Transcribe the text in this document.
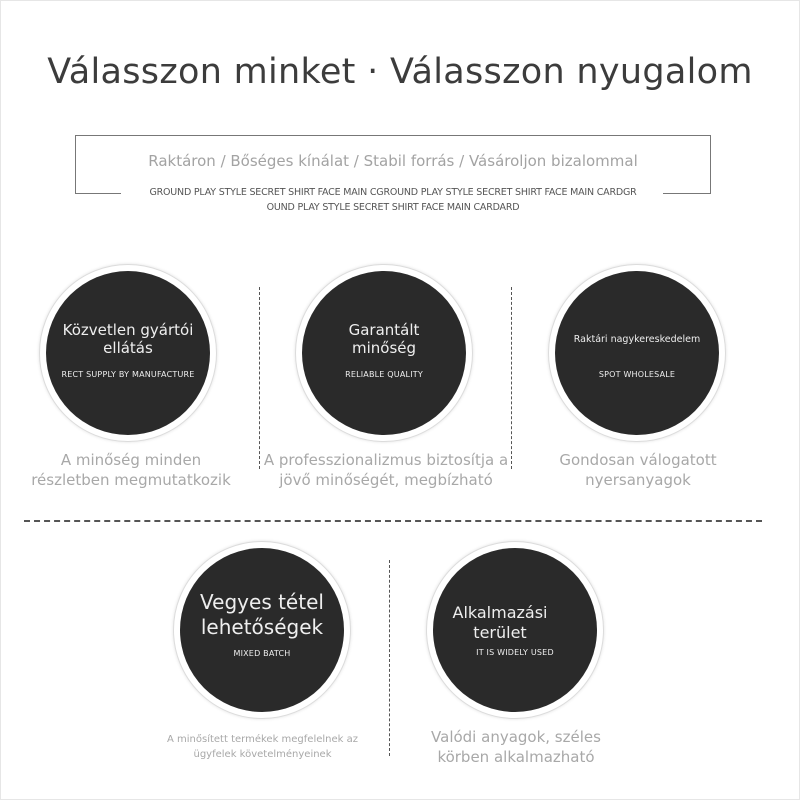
Válasszon minket · Válasszon nyugalom
Raktáron / Bőséges kínálat / Stabil forrás / Vásároljon bizalommal
GROUND PLAY STYLE SECRET SHIRT FACE MAIN CGROUND PLAY STYLE SECRET SHIRT FACE MAIN CARDGR
OUND PLAY STYLE SECRET SHIRT FACE MAIN CARDARD
Közvetlen gyártói ellátás
RECT SUPPLY BY MANUFACTURE
A minőség minden részletben megmutatkozik
Garantált minőség
RELIABLE QUALITY
A professzionalizmus biztosítja a jövő minőségét, megbízható
Raktári nagykereskedelem
SPOT WHOLESALE
Gondosan válogatott nyersanyagok
Vegyes tétel lehetőségek
MIXED BATCH
A minősített termékek megfelelnek az ügyfelek követelményeinek
Alkalmazási terület
IT IS WIDELY USED
Valódi anyagok, széles körben alkalmazható
